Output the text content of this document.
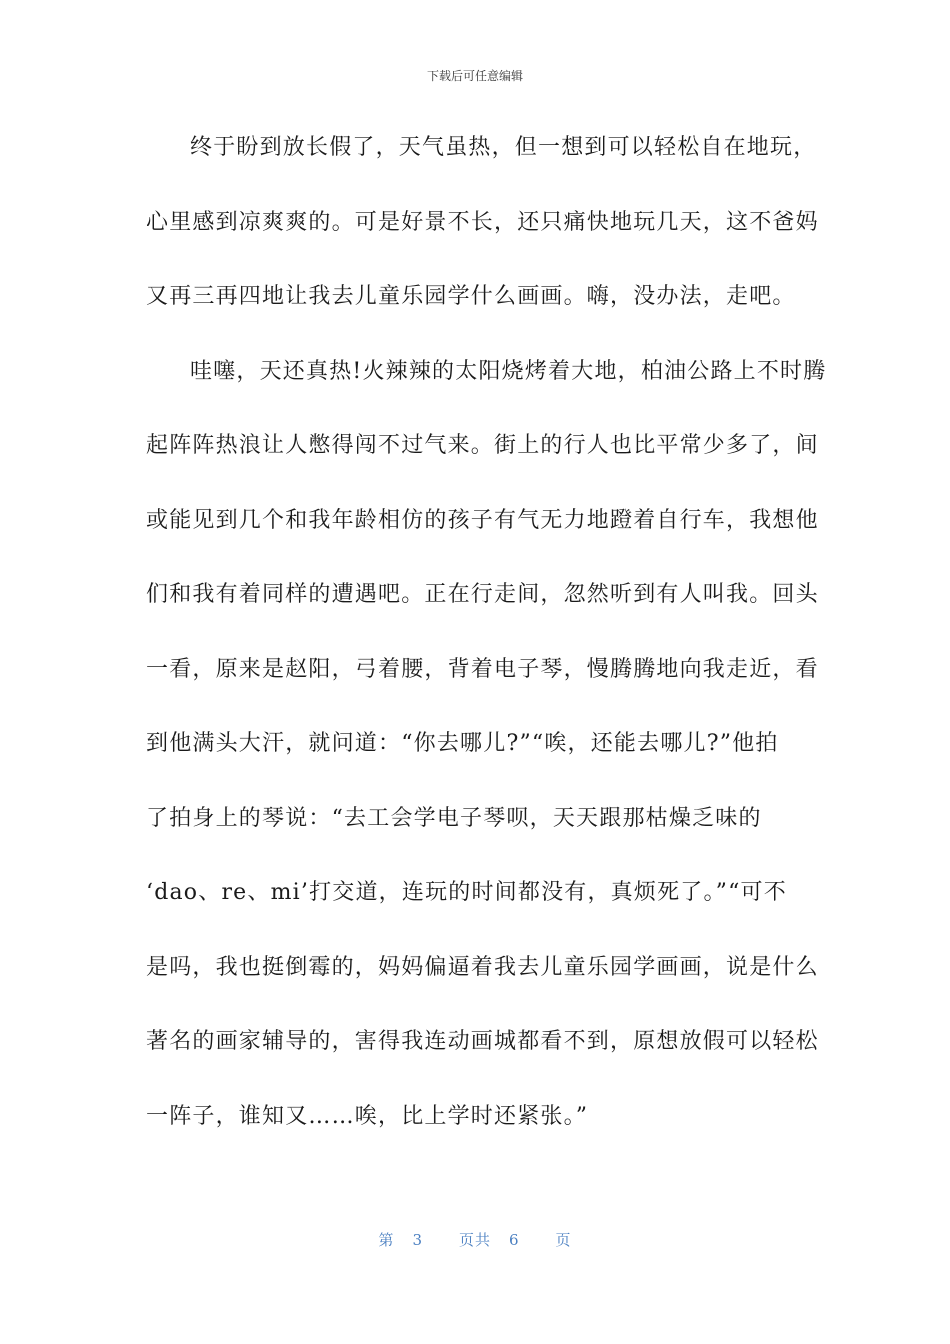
下载后可任意编辑
终于盼到放长假了，天气虽热，但一想到可以轻松自在地玩，
心里感到凉爽爽的。可是好景不长，还只痛快地玩几天，这不爸妈
又再三再四地让我去儿童乐园学什么画画。嗨，没办法，走吧。
哇噻，天还真热!火辣辣的太阳烧烤着大地，柏油公路上不时腾
起阵阵热浪让人憋得闯不过气来。街上的行人也比平常少多了，间
或能见到几个和我年龄相仿的孩子有气无力地蹬着自行车，我想他
们和我有着同样的遭遇吧。正在行走间，忽然听到有人叫我。回头
一看，原来是赵阳，弓着腰，背着电子琴，慢腾腾地向我走近，看
到他满头大汗，就问道：“你去哪儿?”“唉，还能去哪儿?”他拍
了拍身上的琴说：“去工会学电子琴呗，天天跟那枯燥乏味的
‘dao、re、mi’打交道，连玩的时间都没有，真烦死了。”“可不
是吗，我也挺倒霉的，妈妈偏逼着我去儿童乐园学画画，说是什么
著名的画家辅导的，害得我连动画城都看不到，原想放假可以轻松
一阵子，谁知又……唉，比上学时还紧张。”
第 3 页共 6 页
